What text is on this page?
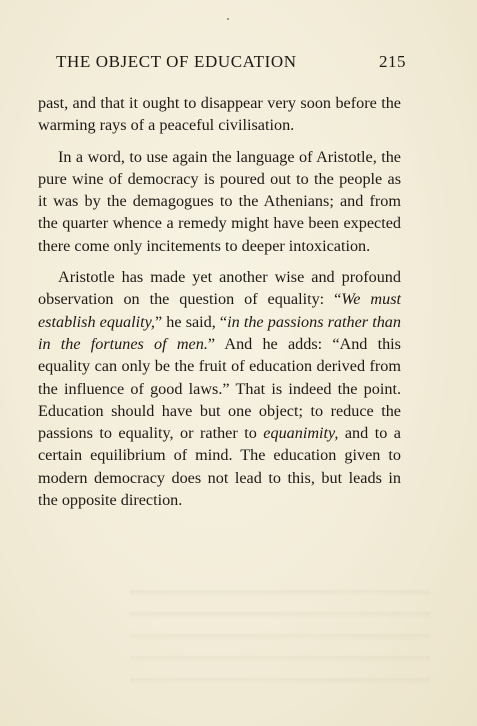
THE OBJECT OF EDUCATION	215

past, and that it ought to disappear very soon before the warming rays of a peaceful civilisation.

In a word, to use again the language of Aristotle, the pure wine of democracy is poured out to the people as it was by the demagogues to the Athenians; and from the quarter whence a remedy might have been expected there come only incitements to deeper intoxication.

Aristotle has made yet another wise and profound observation on the question of equality: “We must establish equality,” he said, “in the passions rather than in the fortunes of men.” And he adds: “And this equality can only be the fruit of education derived from the influence of good laws.” That is indeed the point. Education should have but one object; to reduce the passions to equality, or rather to equanimity, and to a certain equilibrium of mind. The education given to modern democracy does not lead to this, but leads in the opposite direction.
